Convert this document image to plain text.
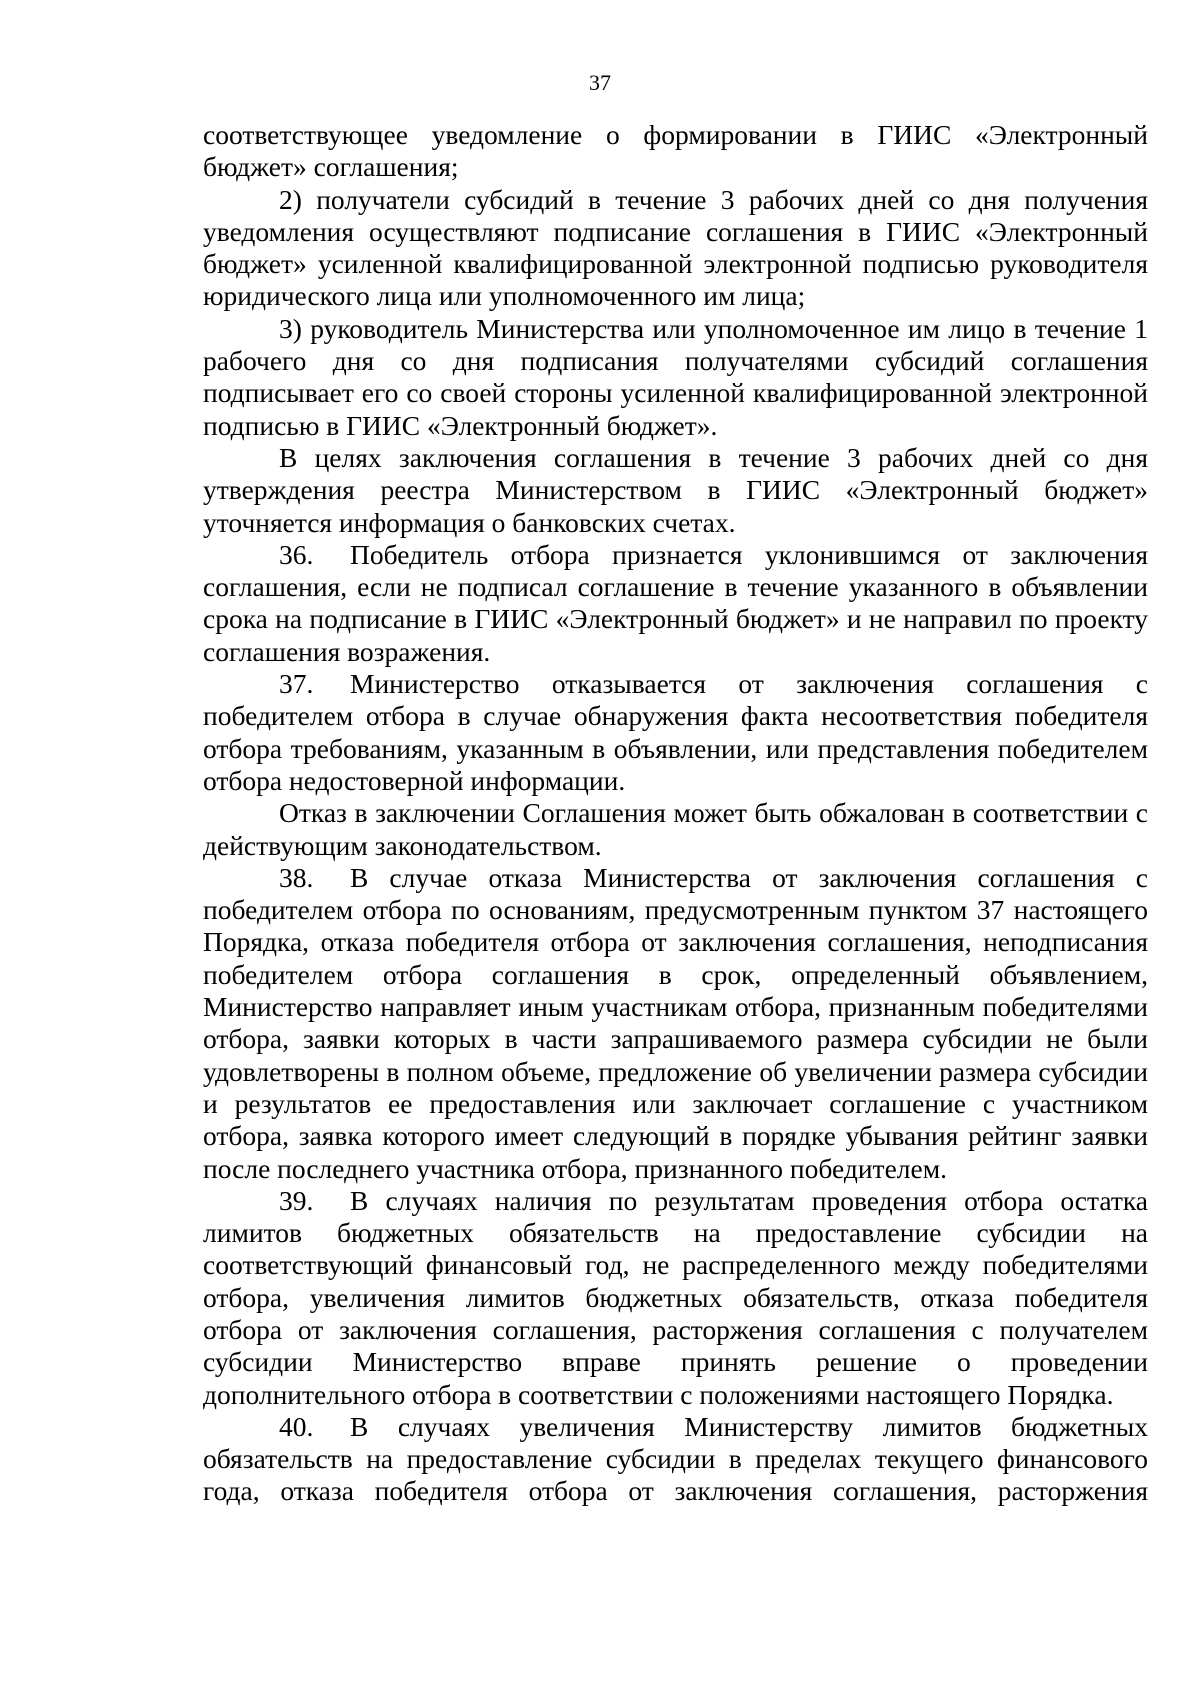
37

соответствующее уведомление о формировании в ГИИС «Электронный бюджет» соглашения;

2) получатели субсидий в течение 3 рабочих дней со дня получения уведомления осуществляют подписание соглашения в ГИИС «Электронный бюджет» усиленной квалифицированной электронной подписью руководителя юридического лица или уполномоченного им лица;

3) руководитель Министерства или уполномоченное им лицо в течение 1 рабочего дня со дня подписания получателями субсидий соглашения подписывает его со своей стороны усиленной квалифицированной электронной подписью в ГИИС «Электронный бюджет».

В целях заключения соглашения в течение 3 рабочих дней со дня утверждения реестра Министерством в ГИИС «Электронный бюджет» уточняется информация о банковских счетах.

36. Победитель отбора признается уклонившимся от заключения соглашения, если не подписал соглашение в течение указанного в объявлении срока на подписание в ГИИС «Электронный бюджет» и не направил по проекту соглашения возражения.

37. Министерство отказывается от заключения соглашения с победителем отбора в случае обнаружения факта несоответствия победителя отбора требованиям, указанным в объявлении, или представления победителем отбора недостоверной информации.

Отказ в заключении Соглашения может быть обжалован в соответствии с действующим законодательством.

38. В случае отказа Министерства от заключения соглашения с победителем отбора по основаниям, предусмотренным пунктом 37 настоящего Порядка, отказа победителя отбора от заключения соглашения, неподписания победителем отбора соглашения в срок, определенный объявлением, Министерство направляет иным участникам отбора, признанным победителями отбора, заявки которых в части запрашиваемого размера субсидии не были удовлетворены в полном объеме, предложение об увеличении размера субсидии и результатов ее предоставления или заключает соглашение с участником отбора, заявка которого имеет следующий в порядке убывания рейтинг заявки после последнего участника отбора, признанного победителем.

39. В случаях наличия по результатам проведения отбора остатка лимитов бюджетных обязательств на предоставление субсидии на соответствующий финансовый год, не распределенного между победителями отбора, увеличения лимитов бюджетных обязательств, отказа победителя отбора от заключения соглашения, расторжения соглашения с получателем субсидии Министерство вправе принять решение о проведении дополнительного отбора в соответствии с положениями настоящего Порядка.

40. В случаях увеличения Министерству лимитов бюджетных обязательств на предоставление субсидии в пределах текущего финансового года, отказа победителя отбора от заключения соглашения, расторжения
